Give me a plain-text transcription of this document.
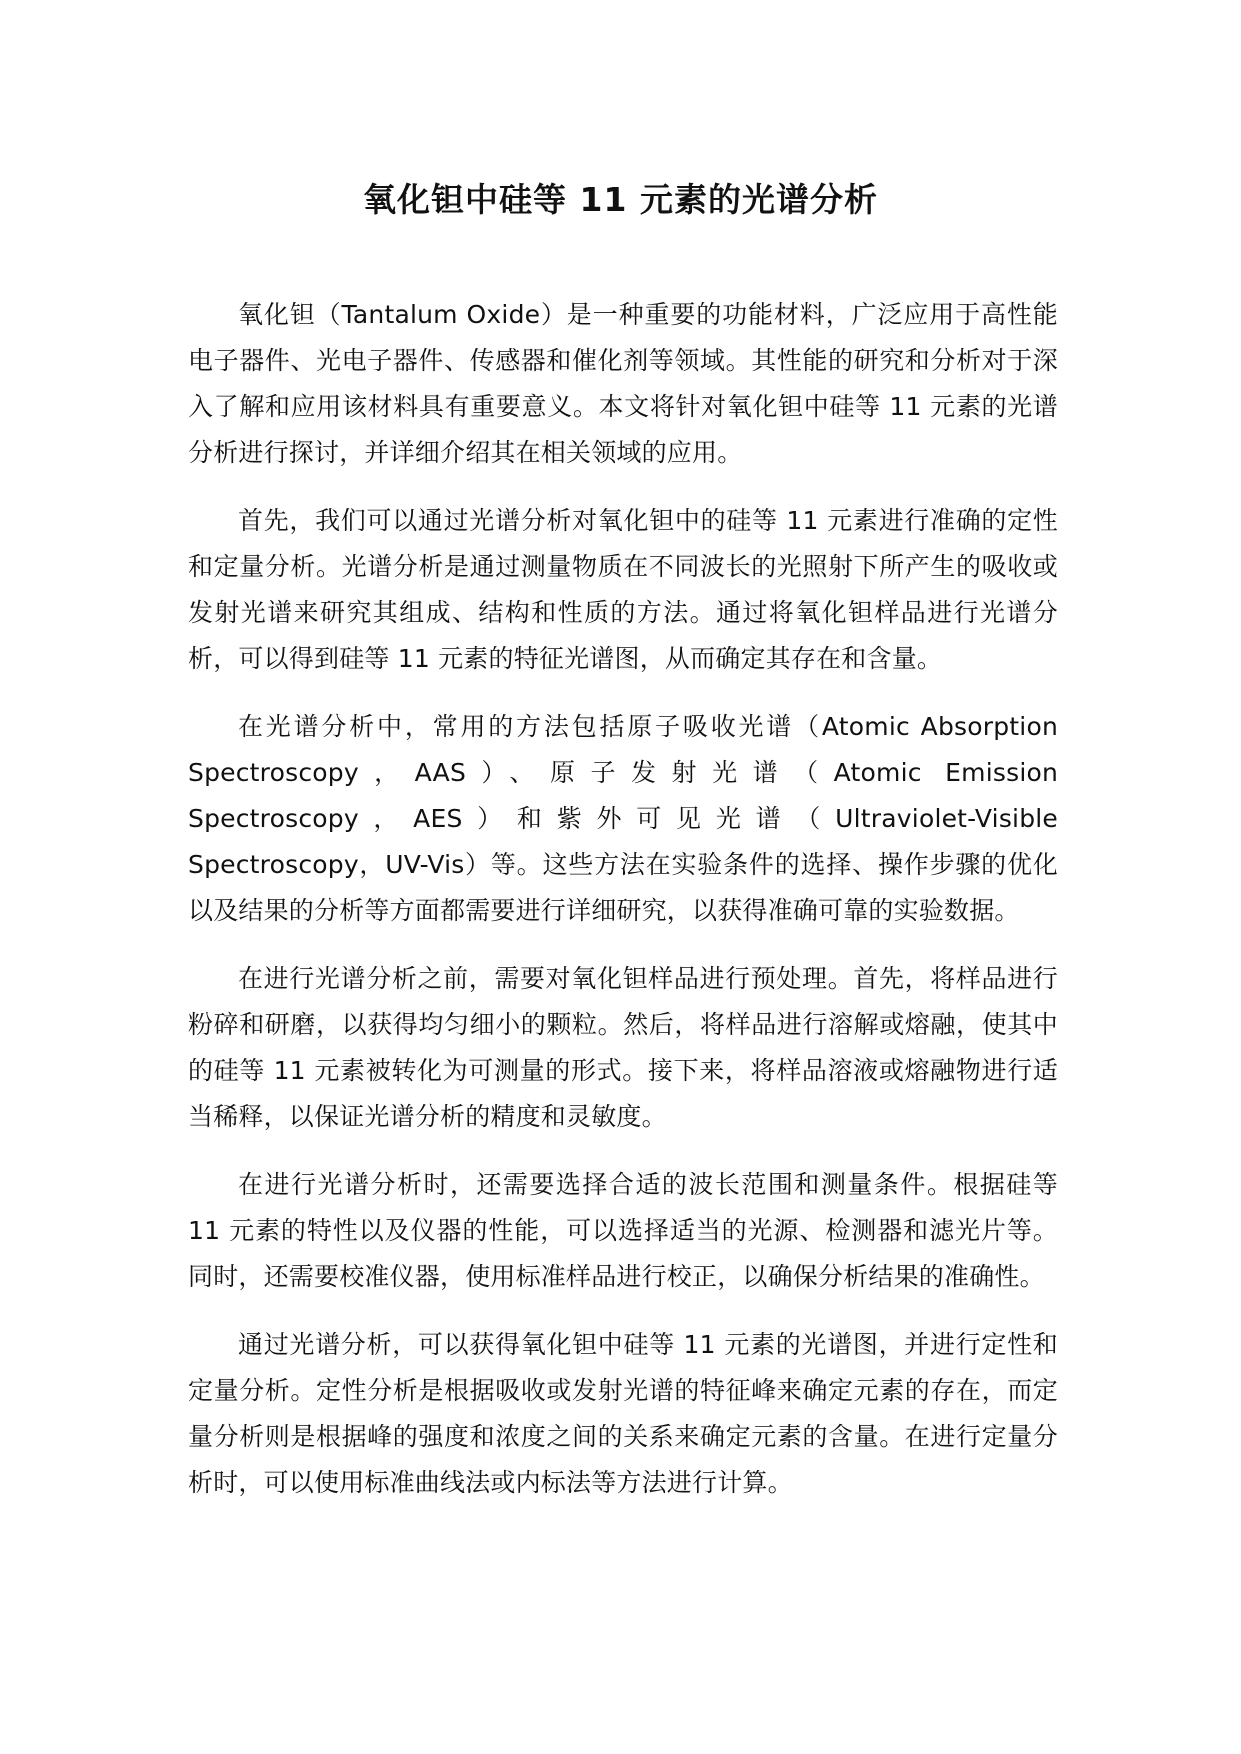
氧化钽中硅等 11 元素的光谱分析

氧化钽（Tantalum Oxide）是一种重要的功能材料，广泛应用于高性能电子器件、光电子器件、传感器和催化剂等领域。其性能的研究和分析对于深入了解和应用该材料具有重要意义。本文将针对氧化钽中硅等 11 元素的光谱分析进行探讨，并详细介绍其在相关领域的应用。

首先，我们可以通过光谱分析对氧化钽中的硅等 11 元素进行准确的定性和定量分析。光谱分析是通过测量物质在不同波长的光照射下所产生的吸收或发射光谱来研究其组成、结构和性质的方法。通过将氧化钽样品进行光谱分析，可以得到硅等 11 元素的特征光谱图，从而确定其存在和含量。

在光谱分析中，常用的方法包括原子吸收光谱（Atomic Absorption Spectroscopy，AAS）、原子发射光谱（Atomic Emission Spectroscopy，AES）和紫外可见光谱（Ultraviolet-Visible Spectroscopy，UV-Vis）等。这些方法在实验条件的选择、操作步骤的优化以及结果的分析等方面都需要进行详细研究，以获得准确可靠的实验数据。

在进行光谱分析之前，需要对氧化钽样品进行预处理。首先，将样品进行粉碎和研磨，以获得均匀细小的颗粒。然后，将样品进行溶解或熔融，使其中的硅等 11 元素被转化为可测量的形式。接下来，将样品溶液或熔融物进行适当稀释，以保证光谱分析的精度和灵敏度。

在进行光谱分析时，还需要选择合适的波长范围和测量条件。根据硅等 11 元素的特性以及仪器的性能，可以选择适当的光源、检测器和滤光片等。同时，还需要校准仪器，使用标准样品进行校正，以确保分析结果的准确性。

通过光谱分析，可以获得氧化钽中硅等 11 元素的光谱图，并进行定性和定量分析。定性分析是根据吸收或发射光谱的特征峰来确定元素的存在，而定量分析则是根据峰的强度和浓度之间的关系来确定元素的含量。在进行定量分析时，可以使用标准曲线法或内标法等方法进行计算。
